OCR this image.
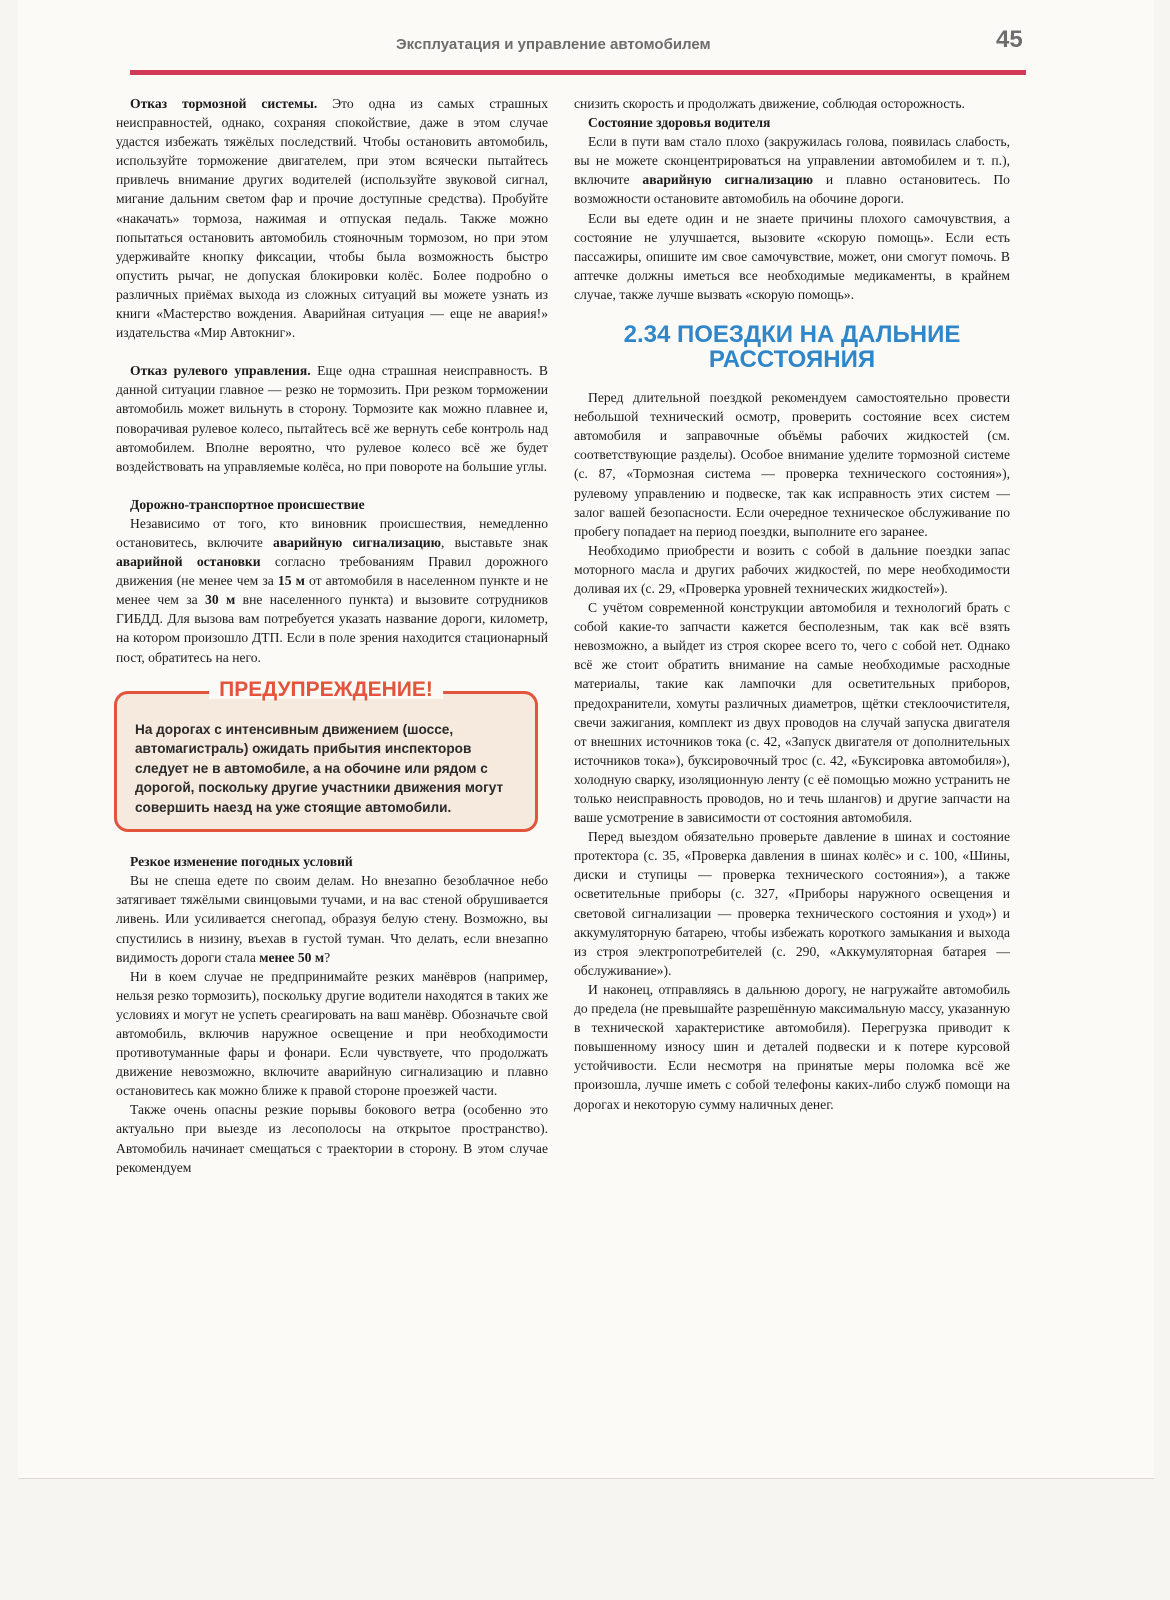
Эксплуатация и управление автомобилем	45

Отказ тормозной системы. Это одна из самых страшных неисправностей, однако, сохраняя спокойствие, даже в этом случае удастся избежать тяжёлых последствий. Чтобы остановить автомобиль, используйте торможение двигателем, при этом всячески пытайтесь привлечь внимание других водителей (используйте звуковой сигнал, мигание дальним светом фар и прочие доступные средства). Пробуйте «накачать» тормоза, нажимая и отпуская педаль. Также можно попытаться остановить автомобиль стояночным тормозом, но при этом удерживайте кнопку фиксации, чтобы была возможность быстро опустить рычаг, не допуская блокировки колёс. Более подробно о различных приёмах выхода из сложных ситуаций вы можете узнать из книги «Мастерство вождения. Аварийная ситуация — еще не авария!» издательства «Мир Автокниг».

Отказ рулевого управления. Еще одна страшная неисправность. В данной ситуации главное — резко не тормозить. При резком торможении автомобиль может вильнуть в сторону. Тормозите как можно плавнее и, поворачивая рулевое колесо, пытайтесь всё же вернуть себе контроль над автомобилем. Вполне вероятно, что рулевое колесо всё же будет воздействовать на управляемые колёса, но при повороте на большие углы.

Дорожно-транспортное происшествие

Независимо от того, кто виновник происшествия, немедленно остановитесь, включите аварийную сигнализацию, выставьте знак аварийной остановки согласно требованиям Правил дорожного движения (не менее чем за 15 м от автомобиля в населенном пункте и не менее чем за 30 м вне населенного пункта) и вызовите сотрудников ГИБДД. Для вызова вам потребуется указать название дороги, километр, на котором произошло ДТП. Если в поле зрения находится стационарный пост, обратитесь на него.

ПРЕДУПРЕЖДЕНИЕ!
На дорогах с интенсивным движением (шоссе, автомагистраль) ожидать прибытия инспекторов следует не в автомобиле, а на обочине или рядом с дорогой, поскольку другие участники движения могут совершить наезд на уже стоящие автомобили.
Резкое изменение погодных условий

Вы не спеша едете по своим делам. Но внезапно безоблачное небо затягивает тяжёлыми свинцовыми тучами, и на вас стеной обрушивается ливень. Или усиливается снегопад, образуя белую стену. Возможно, вы спустились в низину, въехав в густой туман. Что делать, если внезапно видимость дороги стала менее 50 м?

Ни в коем случае не предпринимайте резких манёвров (например, нельзя резко тормозить), поскольку другие водители находятся в таких же условиях и могут не успеть среагировать на ваш манёвр. Обозначьте свой автомобиль, включив наружное освещение и при необходимости противотуманные фары и фонари. Если чувствуете, что продолжать движение невозможно, включите аварийную сигнализацию и плавно остановитесь как можно ближе к правой стороне проезжей части.

Также очень опасны резкие порывы бокового ветра (особенно это актуально при выезде из лесополосы на открытое пространство). Автомобиль начинает смещаться с траектории в сторону. В этом случае рекомендуем

снизить скорость и продолжать движение, соблюдая осторожность.

Состояние здоровья водителя

Если в пути вам стало плохо (закружилась голова, появилась слабость, вы не можете сконцентрироваться на управлении автомобилем и т. п.), включите аварийную сигнализацию и плавно остановитесь. По возможности остановите автомобиль на обочине дороги.

Если вы едете один и не знаете причины плохого самочувствия, а состояние не улучшается, вызовите «скорую помощь». Если есть пассажиры, опишите им свое самочувствие, может, они смогут помочь. В аптечке должны иметься все необходимые медикаменты, в крайнем случае, также лучше вызвать «скорую помощь».

2.34 ПОЕЗДКИ НА ДАЛЬНИЕ РАССТОЯНИЯ

Перед длительной поездкой рекомендуем самостоятельно провести небольшой технический осмотр, проверить состояние всех систем автомобиля и заправочные объёмы рабочих жидкостей (см. соответствующие разделы). Особое внимание уделите тормозной системе (с. 87, «Тормозная система — проверка технического состояния»), рулевому управлению и подвеске, так как исправность этих систем — залог вашей безопасности. Если очередное техническое обслуживание по пробегу попадает на период поездки, выполните его заранее.

Необходимо приобрести и возить с собой в дальние поездки запас моторного масла и других рабочих жидкостей, по мере необходимости доливая их (с. 29, «Проверка уровней технических жидкостей»).

С учётом современной конструкции автомобиля и технологий брать с собой какие-то запчасти кажется бесполезным, так как всё взять невозможно, а выйдет из строя скорее всего то, чего с собой нет. Однако всё же стоит обратить внимание на самые необходимые расходные материалы, такие как лампочки для осветительных приборов, предохранители, хомуты различных диаметров, щётки стеклоочистителя, свечи зажигания, комплект из двух проводов на случай запуска двигателя от внешних источников тока (с. 42, «Запуск двигателя от дополнительных источников тока»), буксировочный трос (с. 42, «Буксировка автомобиля»), холодную сварку, изоляционную ленту (с её помощью можно устранить не только неисправность проводов, но и течь шлангов) и другие запчасти на ваше усмотрение в зависимости от состояния автомобиля.

Перед выездом обязательно проверьте давление в шинах и состояние протектора (с. 35, «Проверка давления в шинах колёс» и с. 100, «Шины, диски и ступицы — проверка технического состояния»), а также осветительные приборы (с. 327, «Приборы наружного освещения и световой сигнализации — проверка технического состояния и уход») и аккумуляторную батарею, чтобы избежать короткого замыкания и выхода из строя электропотребителей (с. 290, «Аккумуляторная батарея — обслуживание»).

И наконец, отправляясь в дальнюю дорогу, не нагружайте автомобиль до предела (не превышайте разрешённую максимальную массу, указанную в технической характеристике автомобиля). Перегрузка приводит к повышенному износу шин и деталей подвески и к потере курсовой устойчивости. Если несмотря на принятые меры поломка всё же произошла, лучше иметь с собой телефоны каких-либо служб помощи на дорогах и некоторую сумму наличных денег.
